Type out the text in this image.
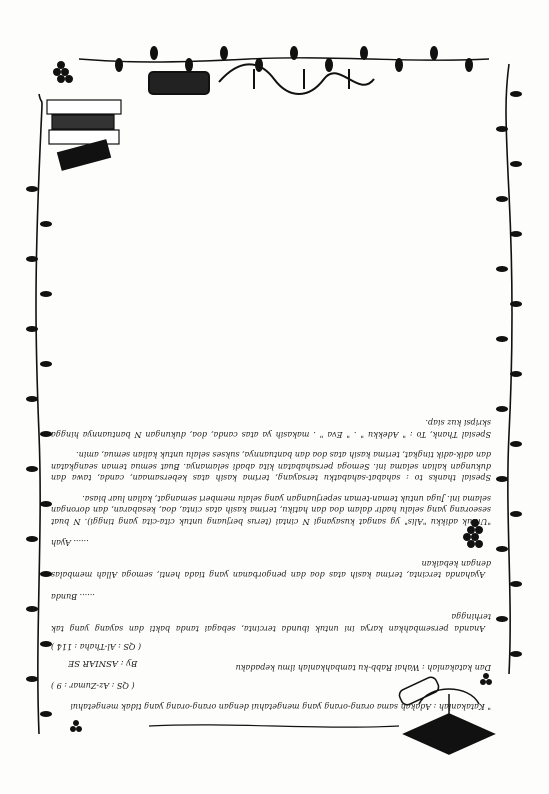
" Katakanlah : Adakah sama orang-orang yang mengetahui dengan orang-orang yang tidak mengetahui

( QS : Az-Zumar : 9 )

Dan katakanlah : Wahai Rabb-ku tambahkanlah ilmu kepadaku

( QS : Al-Thaha : 114 )

Ananda persembahkan karya ini untuk ibunda tercinta, sebagai tanda bakti dan sayang yang tak terhingga

...... Bunda

Ayahanda tercinta, terima kasih atas doa dan pengorbanan yang tiada henti, semoga Allah membalas dengan kebaikan

...... Ayah

"Untuk adikku "Alis" yg sangat kusayangi N cintai (terus berjuang untuk cita-cita yang tinggi). N buat seseorang yang selalu hadir dalam doa dan hatiku, terima kasih atas cinta, doa, kesabaran, dan dorongan selama ini. Juga untuk teman-teman seperjuangan yang selalu memberi semangat, kalian luar biasa.

Spesial thanks to : sahabat-sahabatku tersayang, terima kasih atas kebersamaan, canda, tawa dan dukungan kalian selama ini. Semoga persahabatan kita abadi selamanya. Buat semua teman seangkatan dan adik-adik tingkat, terima kasih atas doa dan bantuannya, sukses selalu untuk kalian semua, amin.

Spesial Thank, To : " Adekku " . " Eva " . makasih ya atas canda, doa, dukungan N bantuannya hingga skripsi kuz siap.

By : ASNIAR SE
